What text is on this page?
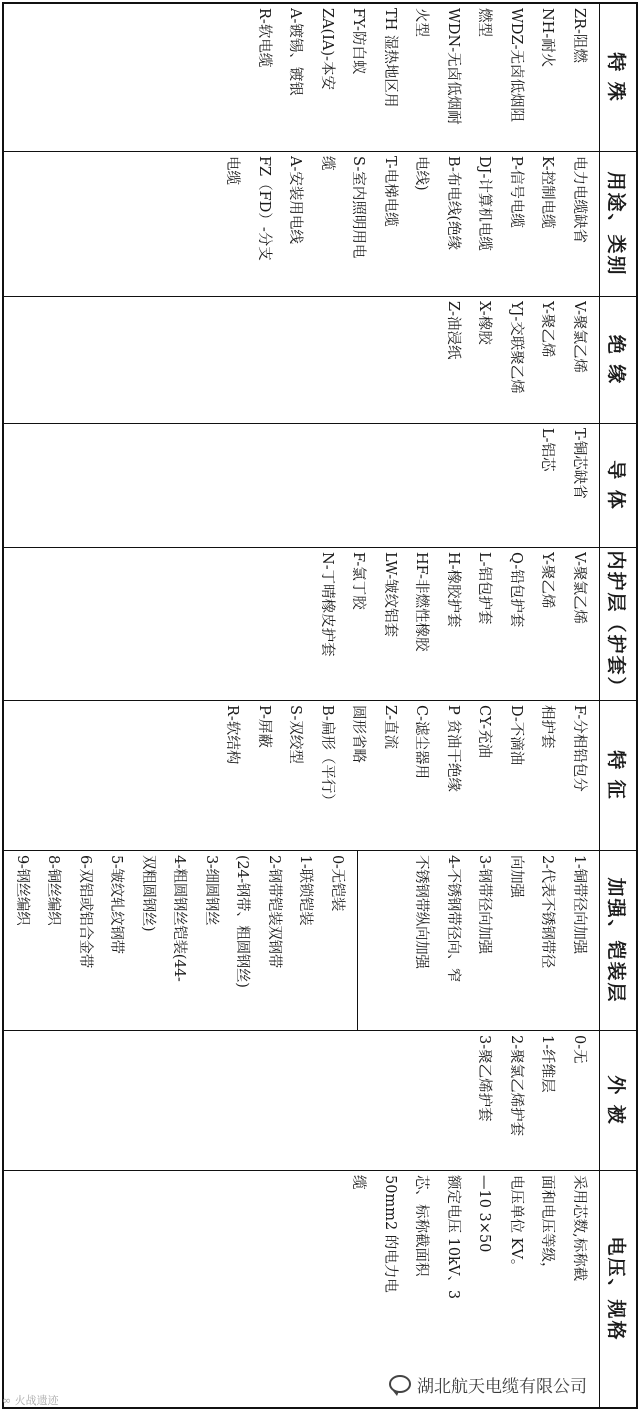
特 殊
ZR-阻燃
NH-耐火
WDZ-无卤低烟阻
燃型
WDN-无卤低烟耐
火型
TH 湿热地区用
FY-防白蚁
ZA(IA)-本安
A-镀锡、镀银
R-软电缆
用途、类别
电力电缆缺省
K-控制电缆
P-信号电缆
DJ-计算机电缆
B-布电线(绝缘
电线)
T-电梯电缆
S-室内照明用电
缆
A-安装用电线
FZ（FD）-分支
电缆
绝 缘
V-聚氯乙烯
Y-聚乙烯
YJ-交联聚乙烯
X-橡胶
Z-油浸纸
导 体
T-铜芯缺省
L-铝芯
内护层（护套）
V-聚氯乙烯
Y-聚乙烯
Q-铅包护套
L-铝包护套
H-橡胶护套
HF-非燃性橡胶
LW-皱纹铝套
F-氯丁胶
N-丁晴橡皮护套
特 征
F-分相铅包分
相护套
D-不滴油
CY-充油
P 贫油干绝缘
C-滤尘器用
Z-直流
圆形省略
B-扁形（平行）
S-双绞型
P-屏蔽
R-软结构
加强、铠装层
1-铜带径向加强
2-代表不锈钢带径
向加强
3-钢带径向加强
4-不锈钢带径向、窄
不锈钢带纵向加强
0-无铠装
1-联锁铠装
2-钢带铠装双钢带
(24-钢带、粗圆钢丝)
3-细圆钢丝
4-粗圆钢丝铠装(44-
双粗圆钢丝)
5-皱纹轧纹钢带
6-双铝或铝合金带
8-铜丝编织
9-钢丝编织
外 被
0-无
1-纤维层
2-聚氯乙烯护套
3-聚乙烯护套
电压、规格
采用芯数,标称截
面和电压等级，
电压单位 KV。
—10 3×50
额定电压 10kV、3
芯、标称截面积
50mm2 的电力电
缆
湖北航天电缆有限公司
∞ 火战遗迹
